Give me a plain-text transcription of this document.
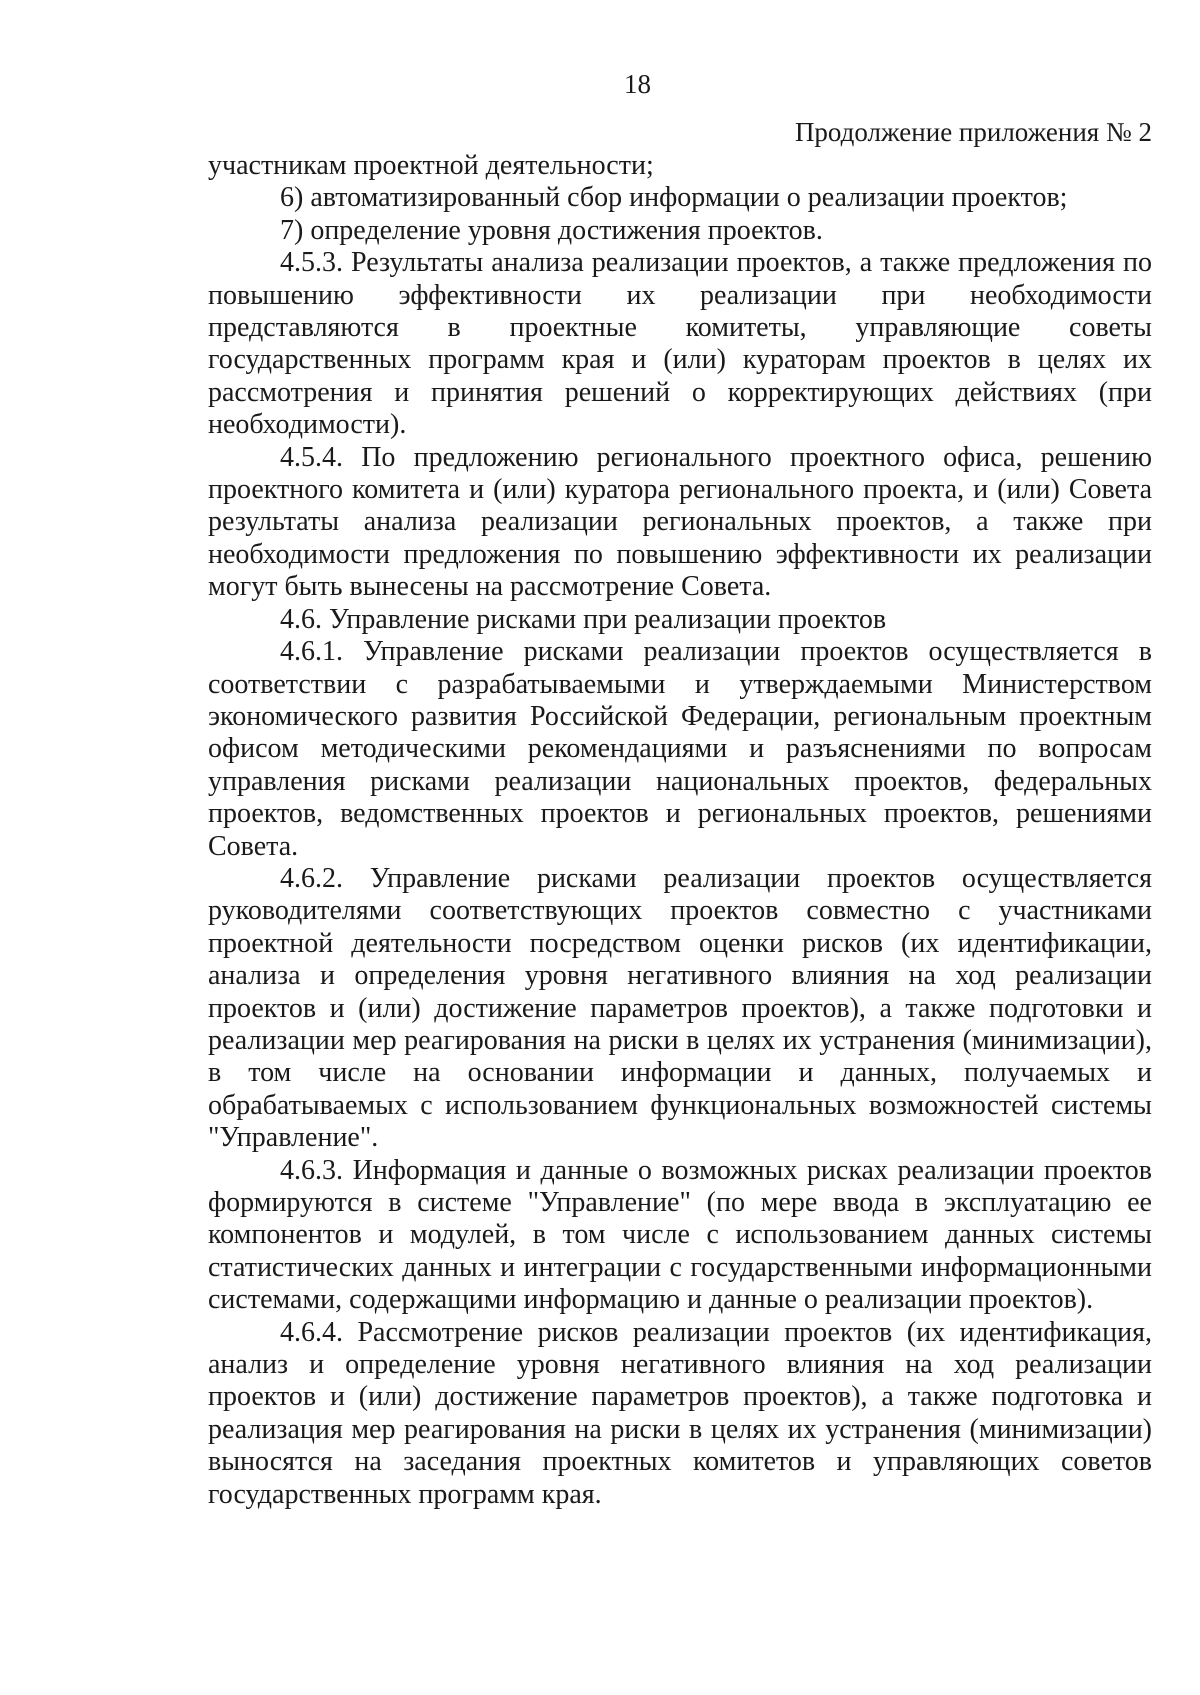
18
Продолжение приложения № 2

участникам проектной деятельности;

6) автоматизированный сбор информации о реализации проектов;

7) определение уровня достижения проектов.

4.5.3. Результаты анализа реализации проектов, а также предложения по повышению эффективности их реализации при необходимости представляются в проектные комитеты, управляющие советы государственных программ края и (или) кураторам проектов в целях их рассмотрения и принятия решений о корректирующих действиях (при необходимости).

4.5.4. По предложению регионального проектного офиса, решению проектного комитета и (или) куратора регионального проекта, и (или) Совета результаты анализа реализации региональных проектов, а также при необходимости предложения по повышению эффективности их реализации могут быть вынесены на рассмотрение Совета.

4.6. Управление рисками при реализации проектов

4.6.1. Управление рисками реализации проектов осуществляется в соответствии с разрабатываемыми и утверждаемыми Министерством экономического развития Российской Федерации, региональным проектным офисом методическими рекомендациями и разъяснениями по вопросам управления рисками реализации национальных проектов, федеральных проектов, ведомственных проектов и региональных проектов, решениями Совета.

4.6.2. Управление рисками реализации проектов осуществляется руководителями соответствующих проектов совместно с участниками проектной деятельности посредством оценки рисков (их идентификации, анализа и определения уровня негативного влияния на ход реализации проектов и (или) достижение параметров проектов), а также подготовки и реализации мер реагирования на риски в целях их устранения (минимизации), в том числе на основании информации и данных, получаемых и обрабатываемых с использованием функциональных возможностей системы "Управление".

4.6.3. Информация и данные о возможных рисках реализации проектов формируются в системе "Управление" (по мере ввода в эксплуатацию ее компонентов и модулей, в том числе с использованием данных системы статистических данных и интеграции с государственными информационными системами, содержащими информацию и данные о реализации проектов).

4.6.4. Рассмотрение рисков реализации проектов (их идентификация, анализ и определение уровня негативного влияния на ход реализации проектов и (или) достижение параметров проектов), а также подготовка и реализация мер реагирования на риски в целях их устранения (минимизации) выносятся на заседания проектных комитетов и управляющих советов государственных программ края.
